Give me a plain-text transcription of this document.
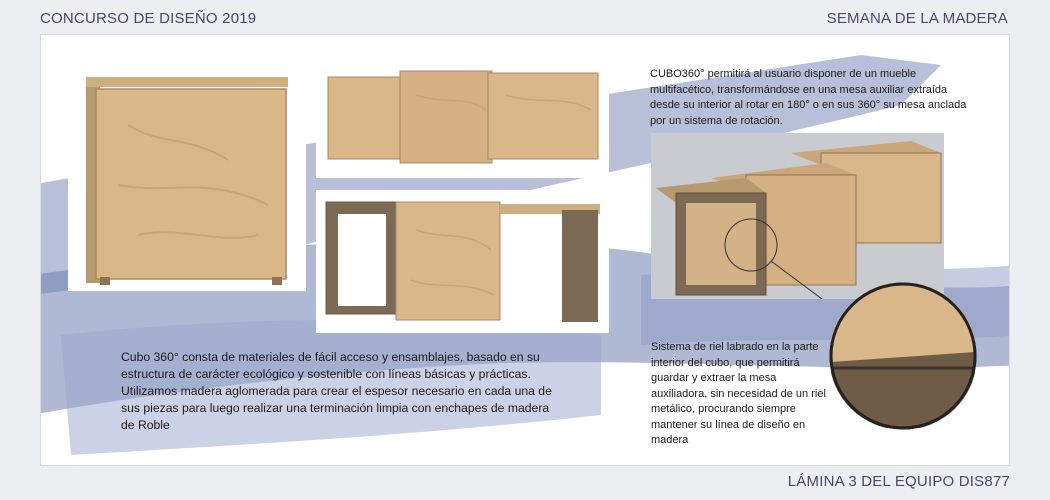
CONCURSO DE DISEÑO 2019	SEMANA DE LA MADERA
LÁMINA 3 DEL EQUIPO DIS877
CUBO360° permitirá al usuario disponer de un mueble multifacético, transformándose en una mesa auxiliar extraída desde su interior al rotar en 180° o en sus 360° su mesa anclada por un sistema de rotación.
Cubo 360° consta de materiales de fácil acceso y ensamblajes, basado en su estructura de carácter ecológico y sostenible con líneas básicas y prácticas. Utilizamos madera aglomerada para crear el espesor necesario en cada una de sus piezas para luego realizar una terminación limpia con enchapes de madera de Roble
Sistema de riel labrado en la parte interior del cubo, que permitirá guardar y extraer la mesa auxiliadora, sin necesidad de un riel metálico, procurando siempre mantener su línea de diseño en madera
